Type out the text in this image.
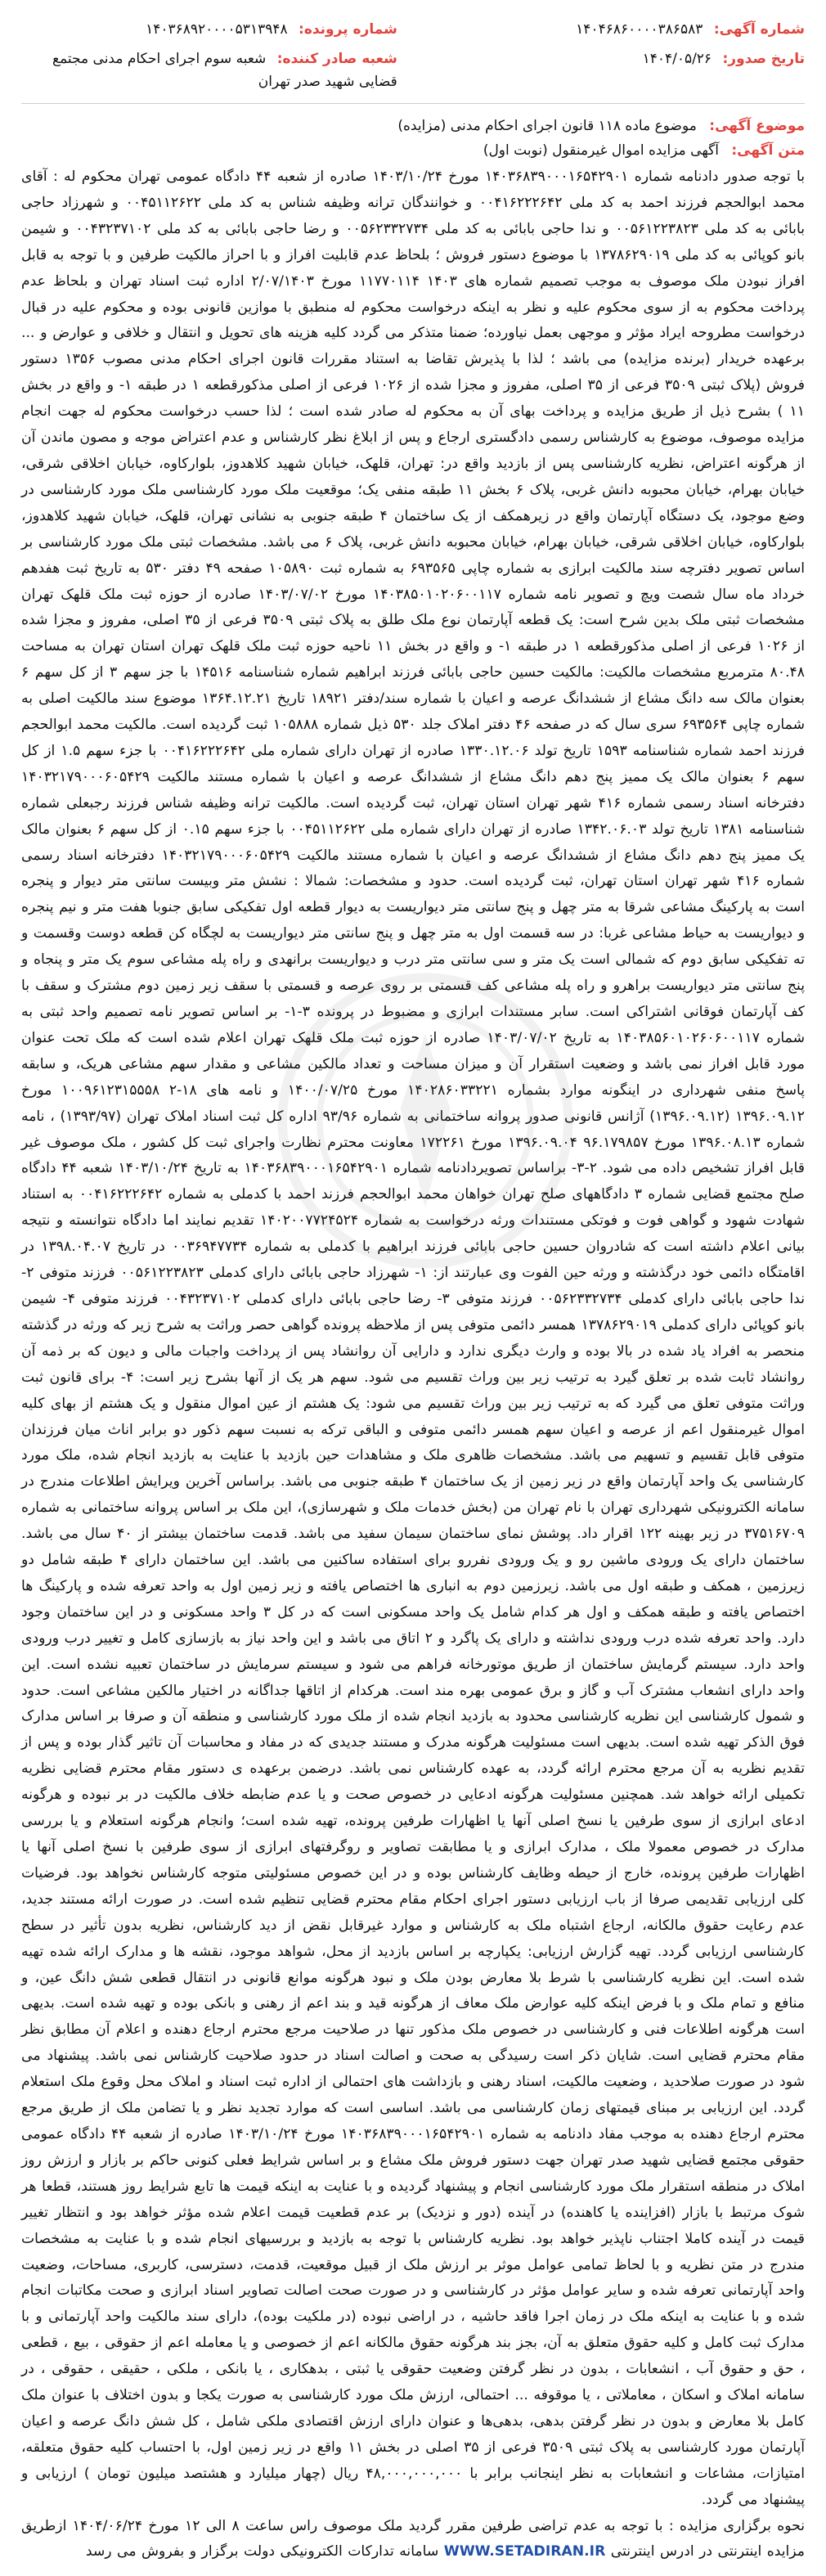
شماره آگهی: ۱۴۰۴۶۸۶۰۰۰۰۳۸۶۵۸۳
شماره پرونده: ۱۴۰۳۶۸۹۲۰۰۰۰۵۳۱۳۹۴۸
تاریخ صدور: ۱۴۰۴/۰۵/۲۶
شعبه صادر کننده: شعبه سوم اجرای احکام مدنی مجتمع قضایی شهید صدر تهران
موضوع آگهی: موضوع ماده ۱۱۸ قانون اجرای احکام مدنی (مزایده)
متن آگهی: آگهی مزایده اموال غیرمنقول (نوبت اول)

با توجه صدور دادنامه شماره ۱۴۰۳۶۸۳۹۰۰۰۱۶۵۴۲۹۰۱ مورخ ۱۴۰۳/۱۰/۲۴ صادره از شعبه ۴۴ دادگاه عمومی تهران محکوم له : آقای محمد ابوالحجم فرزند احمد به کد ملی ۰۰۴۱۶۲۲۲۶۴۲ و خوانندگان ترانه وظیفه شناس به کد ملی ۰۰۴۵۱۱۲۶۲۲ و شهرزاد حاجی بابائی به کد ملی ۰۰۵۶۱۲۲۳۸۲۳ و ندا حاجی بابائی به کد ملی ۰۰۵۶۲۳۳۲۷۳۴ و رضا حاجی بابائی به کد ملی ۰۰۴۳۲۳۷۱۰۲ و شیمن بانو کوپائی به کد ملی ۱۳۷۸۶۲۹۰۱۹ با موضوع دستور فروش ؛ بلحاظ عدم قابلیت افراز و با احراز مالکیت طرفین و با توجه به قابل افراز نبودن ملک موصوف به موجب تصمیم شماره های ۱۴۰۳ ۱۱۷۷۰۱۱۴ مورخ ۲/۰۷/۱۴۰۳ اداره ثبت اسناد تهران و بلحاظ عدم پرداخت محکوم به از سوی محکوم علیه و نظر به اینکه درخواست محکوم له منطبق با موازین قانونی بوده و محکوم علیه در قبال درخواست مطروحه ایراد مؤثر و موجهی بعمل نیاورده؛ ضمنا متذکر می گردد کلیه هزینه های تحویل و انتقال و خلافی و عوارض و ... برعهده خریدار (برنده مزایده) می باشد ؛ لذا با پذیرش تقاضا به استناد مقررات قانون اجرای احکام مدنی مصوب ۱۳۵۶ دستور فروش (پلاک ثبتی ۳۵۰۹ فرعی از ۳۵ اصلی، مفروز و مجزا شده از ۱۰۲۶ فرعی از اصلی مذکورقطعه ۱ در طبقه ۱- و واقع در بخش ۱۱ ) بشرح ذیل از طریق مزایده و پرداخت بهای آن به محکوم له صادر شده است ؛ لذا حسب درخواست محکوم له جهت انجام مزایده موصوف، موضوع به کارشناس رسمی دادگستری ارجاع و پس از ابلاغ نظر کارشناس و عدم اعتراض موجه و مصون ماندن آن از هرگونه اعتراض، نظریه کارشناسی پس از بازدید واقع در: تهران، قلهک، خیابان شهید کلاهدوز، بلوارکاوه، خیابان اخلاقی شرقی، خیابان بهرام، خیابان محبوبه دانش غربی، پلاک ۶ بخش ۱۱ طبقه منفی یک؛ موقعیت ملک مورد کارشناسی ملک مورد کارشناسی در وضع موجود، یک دستگاه آپارتمان واقع در زیرهمکف از یک ساختمان ۴ طبقه جنوبی به نشانی تهران، قلهک، خیابان شهید کلاهدوز، بلوارکاوه، خیابان اخلاقی شرقی، خیابان بهرام، خیابان محبوبه دانش غربی، پلاک ۶ می باشد. مشخصات ثبتی ملک مورد کارشناسی بر اساس تصویر دفترچه سند مالکیت ابرازی به شماره چاپی ۶۹۳۵۶۵ به شماره ثبت ۱۰۵۸۹۰ صفحه ۴۹ دفتر ۵۳۰ به تاریخ ثبت هفدهم خرداد ماه سال شصت ویچ و تصویر نامه شماره ۱۴۰۳۸۵۰۱۰۲۰۶۰۰۱۱۷ مورخ ۱۴۰۳/۰۷/۰۲ صادره از حوزه ثبت ملک قلهک تهران مشخصات ثبتی ملک بدین شرح است: یک قطعه آپارتمان نوع ملک طلق به پلاک ثبتی ۳۵۰۹ فرعی از ۳۵ اصلی، مفروز و مجزا شده از ۱۰۲۶ فرعی از اصلی مذکورقطعه ۱ در طبقه ۱- و واقع در بخش ۱۱ ناحیه حوزه ثبت ملک قلهک تهران استان تهران به مساحت ۸۰.۴۸ مترمربع مشخصات مالکیت: مالکیت حسین حاجی بابائی فرزند ابراهیم شماره شناسنامه ۱۴۵۱۶ با جز سهم ۳ از کل سهم ۶ بعنوان مالک سه دانگ مشاع از ششدانگ عرصه و اعیان با شماره سند/دفتر ۱۸۹۲۱ تاریخ ۱۳۶۴.۱۲.۲۱ موضوع سند مالکیت اصلی به شماره چاپی ۶۹۳۵۶۴ سری سال که در صفحه ۴۶ دفتر املاک جلد ۵۳۰ ذیل شماره ۱۰۵۸۸۸ ثبت گردیده است. مالکیت محمد ابوالحجم فرزند احمد شماره شناسنامه ۱۵۹۳ تاریخ تولد ۱۳۳۰.۱۲.۰۶ صادره از تهران دارای شماره ملی ۰۰۴۱۶۲۲۲۶۴۲ با جزء سهم ۱.۵ از کل سهم ۶ بعنوان مالک یک ممیز پنج دهم دانگ مشاع از ششدانگ عرصه و اعیان با شماره مستند مالکیت ۱۴۰۳۲۱۷۹۰۰۰۶۰۵۴۲۹ دفترخانه اسناد رسمی شماره ۴۱۶ شهر تهران استان تهران، ثبت گردیده است. مالکیت ترانه وظیفه شناس فرزند رجبعلی شماره شناسنامه ۱۳۸۱ تاریخ تولد ۱۳۴۲.۰۶.۰۳ صادره از تهران دارای شماره ملی ۰۰۴۵۱۱۲۶۲۲ با جزء سهم ۰.۱۵ از کل سهم ۶ بعنوان مالک یک ممیز پنج دهم دانگ مشاع از ششدانگ عرصه و اعیان با شماره مستند مالکیت ۱۴۰۳۲۱۷۹۰۰۰۶۰۵۴۲۹ دفترخانه اسناد رسمی شماره ۴۱۶ شهر تهران استان تهران، ثبت گردیده است. حدود و مشخصات: شمالا : نشش متر وبیست سانتی متر دیوار و پنجره است به پارکینگ مشاعی شرقا به متر چهل و پنج سانتی متر دیواریست به دیوار قطعه اول تفکیکی سابق جنوبا هفت متر و نیم پنجره و دیواریست به حیاط مشاعی غربا: در سه قسمت اول به متر چهل و پنج سانتی متر دیواریست به لچگاه کن قطعه دوست وقسمت و ته تفکیکی سابق دوم که شمالی است یک متر و سی سانتی متر درب و دیواریست برانهدی و راه پله مشاعی سوم یک متر و پنجاه و پنج سانتی متر دیواریست براهرو و راه پله مشاعی کف قسمتی بر روی عرصه و قسمتی با سقف زیر زمین دوم مشترک و سقف با کف آپارتمان فوقانی اشتراکی است. سابر مستندات ابرازی و مضبوط در پرونده ۳-۱- بر اساس تصویر نامه تصمیم واحد ثبتی به شماره ۱۴۰۳۸۵۶۰۱۰۲۶۰۶۰۰۱۱۷ به تاریخ ۱۴۰۳/۰۷/۰۲ صادره از حوزه ثبت ملک قلهک تهران اعلام شده است که ملک تحت عنوان مورد قابل افراز نمی باشد و وضعیت استقرار آن و میزان مساحت و تعداد مالکین مشاعی و مقدار سهم مشاعی هریک، و سابقه پاسخ منفی شهرداری در اینگونه موارد بشماره ۱۴۰۲۸۶۰۳۳۲۲۱ مورخ ۱۴۰۰/۰۷/۲۵ و نامه های ۱۸-۲ ۱۰۰۹۶۱۲۳۱۵۵۵۸ مورخ ۱۳۹۶.۰۹.۱۲ (۱۳۹۶.۰۹.۱۲) آژانس قانونی صدور پروانه ساختمانی به شماره ۹۳/۹۶ اداره کل ثبت اسناد املاک تهران (۱۳۹۳/۹۷) ، نامه شماره ۱۳۹۶.۰۸.۱۳ مورخ ۹۶.۱۷۹۸۵۷ ۱۳۹۶.۰۹.۰۴ مورخ ۱۷۲۲۶۱ معاونت محترم نظارت واجرای ثبت کل کشور ، ملک موصوف غیر قابل افراز تشخیص داده می شود. ۲-۳- براساس تصویردادنامه شماره ۱۴۰۳۶۸۳۹۰۰۰۱۶۵۴۲۹۰۱ به تاریخ ۱۴۰۳/۱۰/۲۴ شعبه ۴۴ دادگاه صلح مجتمع قضایی شماره ۳ دادگاههای صلح تهران خواهان محمد ابوالحجم فرزند احمد با کدملی به شماره ۰۰۴۱۶۲۲۲۶۴۲ به استناد شهادت شهود و گواهی فوت و فوتکی مستندات ورثه درخواست به شماره ۱۴۰۲۰۰۷۷۲۴۵۲۴ تقدیم نمایند اما دادگاه نتوانسته و نتیجه بیانی اعلام داشته است که شادروان حسین حاجی بابائی فرزند ابراهیم با کدملی به شماره ۰۰۳۶۹۴۷۷۳۴ در تاریخ ۱۳۹۸.۰۴.۰۷ در اقامتگاه دائمی خود درگذشته و ورثه حین الفوت وی عبارتند از: ۱- شهرزاد حاجی بابائی دارای کدملی ۰۰۵۶۱۲۲۳۸۲۳ فرزند متوفی ۲- ندا حاجی بابائی دارای کدملی ۰۰۵۶۲۳۳۲۷۳۴ فرزند متوفی ۳- رضا حاجی بابائی دارای کدملی ۰۰۴۳۲۳۷۱۰۲ فرزند متوفی ۴- شیمن بانو کوپائی دارای کدملی ۱۳۷۸۶۲۹۰۱۹ همسر دائمی متوفی پس از ملاحظه پرونده گواهی حصر وراثت به شرح زیر که ورثه در گذشته منحصر به افراد یاد شده در بالا بوده و وارث دیگری ندارد و دارایی آن روانشاد پس از پرداخت واجبات مالی و دیون که بر ذمه آن روانشاد ثابت شده بر تعلق گیرد به ترتیب زیر بین وراث تقسیم می شود. سهم هر یک از آنها بشرح زیر است: ۴- برای قانون ثبت وراثت متوفی تعلق می گیرد که به ترتیب زیر بین وراث تقسیم می شود: یک هشتم از عین اموال منقول و یک هشتم از بهای کلیه اموال غیرمنقول اعم از عرصه و اعیان سهم همسر دائمی متوفی و الباقی ترکه به نسبت سهم ذکور دو برابر اناث میان فرزندان متوفی قابل تقسیم و تسهیم می باشد. مشخصات ظاهری ملک و مشاهدات حین بازدید با عنایت به بازدید انجام شده، ملک مورد کارشناسی یک واحد آپارتمان واقع در زیر زمین از یک ساختمان ۴ طبقه جنوبی می باشد. براساس آخرین ویرایش اطلاعات مندرج در سامانه الکترونیکی شهرداری تهران با نام تهران من (بخش خدمات ملک و شهرسازی)، این ملک بر اساس پروانه ساختمانی به شماره ۳۷۵۱۶۷۰۹ در زیر بهینه ۱۲۲ اقرار داد. پوشش نمای ساختمان سیمان سفید می باشد. قدمت ساختمان بیشتر از ۴۰ سال می باشد. ساختمان دارای یک ورودی ماشین رو و یک ورودی نفررو برای استفاده ساکنین می باشد. این ساختمان دارای ۴ طبقه شامل دو زیرزمین ، همکف و طبقه اول می باشد. زیرزمین دوم به انباری ها اختصاص یافته و زیر زمین اول به واحد تعرفه شده و پارکینگ ها اختصاص یافته و طبقه همکف و اول هر کدام شامل یک واحد مسکونی است که در کل ۳ واحد مسکونی و در این ساختمان وجود دارد. واحد تعرفه شده درب ورودی نداشته و دارای یک پاگرد و ۲ اتاق می باشد و این واحد نیاز به بازسازی کامل و تغییر درب ورودی واحد دارد. سیستم گرمایش ساختمان از طریق موتورخانه فراهم می شود و سیستم سرمایش در ساختمان تعبیه نشده است. این واحد دارای انشعاب مشترک آب و گاز و برق عمومی بهره مند است. هرکدام از اتاقها جداگانه در اختیار مالکین مشاعی است. حدود و شمول کارشناسی این نظریه کارشناسی محدود به بازدید انجام شده از ملک مورد کارشناسی و منطقه آن و صرفا بر اساس مدارک فوق الذکر تهیه شده است. بدیهی است مسئولیت هرگونه مدرک و مستند جدیدی که در مفاد و محاسبات آن تاثیر گذار بوده و پس از تقدیم نظریه به آن مرجع محترم ارائه گردد، به عهده کارشناس نمی باشد. درضمن برعهده ی دستور مقام محترم قضایی نظریه تکمیلی ارائه خواهد شد. همچنین مسئولیت هرگونه ادعایی در خصوص صحت و یا عدم ضابطه خلاف مالکیت در بر نبوده و هرگونه ادعای ابرازی از سوی طرفین یا نسخ اصلی آنها یا اظهارات طرفین پرونده، تهیه شده است؛ وانجام هرگونه استعلام و یا بررسی مدارک در خصوص معمولا ملک ، مدارک ابرازی و یا مطابقت تصاویر و روگرفتهای ابرازی از سوی طرفین با نسخ اصلی آنها یا اظهارات طرفین پرونده، خارج از حیطه وظایف کارشناس بوده و در این خصوص مسئولیتی متوجه کارشناس نخواهد بود. فرضیات کلی ارزیابی تقدیمی صرفا از باب ارزیابی دستور اجرای احکام مقام محترم قضایی تنظیم شده است. در صورت ارائه مستند جدید، عدم رعایت حقوق مالکانه، ارجاع اشتباه ملک به کارشناس و موارد غیرقابل نقض از دید کارشناس، نظریه بدون تأثیر در سطح کارشناسی ارزیابی گردد. تهیه گزارش ارزیابی: یکپارچه بر اساس بازدید از محل، شواهد موجود، نقشه ها و مدارک ارائه شده تهیه شده است. این نظریه کارشناسی با شرط بلا معارض بودن ملک و نبود هرگونه موانع قانونی در انتقال قطعی شش دانگ عین، و منافع و تمام ملک و با فرض اینکه کلیه عوارض ملک معاف از هرگونه قید و بند اعم از رهنی و بانکی بوده و تهیه شده است. بدیهی است هرگونه اطلاعات فنی و کارشناسی در خصوص ملک مذکور تنها در صلاحیت مرجع محترم ارجاع دهنده و اعلام آن مطابق نظر مقام محترم قضایی است. شایان ذکر است رسیدگی به صحت و اصالت اسناد در حدود صلاحیت کارشناس نمی باشد. پیشنهاد می شود در صورت صلاحدید ، وضعیت مالکیت، اسناد رهنی و بازداشت های احتمالی از اداره ثبت اسناد و املاک محل وقوع ملک استعلام گردد. این ارزیابی بر مبنای قیمتهای زمان کارشناسی می باشد. اساسی است که موارد تجدید نظر و یا تضامن ملک از طریق مرجع محترم ارجاع دهنده به موجب مفاد دادنامه به شماره ۱۴۰۳۶۸۳۹۰۰۰۱۶۵۴۲۹۰۱ مورخ ۱۴۰۳/۱۰/۲۴ صادره از شعبه ۴۴ دادگاه عمومی حقوقی مجتمع قضایی شهید صدر تهران جهت دستور فروش ملک مشاع و بر اساس شرایط فعلی کنونی حاکم بر بازار و ارزش روز املاک در منطقه استقرار ملک مورد کارشناسی انجام و پیشنهاد گردیده و با عنایت به اینکه قیمت ها تابع شرایط روز هستند، قطعا هر شوک مرتبط با بازار (افزاینده یا کاهنده) در آینده (دور و نزدیک) بر عدم قطعیت قیمت اعلام شده مؤثر خواهد بود و انتظار تغییر قیمت در آینده کاملا اجتناب ناپذیر خواهد بود. نظریه کارشناس با توجه به بازدید و بررسیهای انجام شده و با عنایت به مشخصات مندرج در متن نظریه و با لحاظ تمامی عوامل موثر بر ارزش ملک از قبیل موقعیت، قدمت، دسترسی، کاربری، مساحات، وضعیت واحد آپارتمانی تعرفه شده و سایر عوامل مؤثر در کارشناسی و در صورت صحت اصالت تصاویر اسناد ابرازی و صحت مکاتبات انجام شده و با عنایت به اینکه ملک در زمان اجرا فاقد حاشیه ، در اراضی نبوده (در ملکیت بوده)، دارای سند مالکیت واحد آپارتمانی و با مدارک ثبت کامل و کلیه حقوق متعلق به آن، بجز بند هرگونه حقوق مالکانه اعم از خصوصی و یا معامله اعم از حقوقی ، بیع ، قطعی ، حق و حقوق آب ، انشعابات ، بدون در نظر گرفتن وضعیت حقوقی یا ثبتی ، بدهکاری ، یا بانکی ، ملکی ، حقیقی ، حقوقی ، در سامانه املاک و اسکان ، معاملاتی ، یا موقوفه ... احتمالی، ارزش ملک مورد کارشناسی به صورت یکجا و بدون اختلاف با عنوان ملک کامل بلا معارض و بدون در نظر گرفتن بدهی، بدهی‌ها و عنوان دارای ارزش اقتصادی ملکی شامل ، کل شش دانگ عرصه و اعیان آپارتمان مورد کارشناسی به پلاک ثبتی ۳۵۰۹ فرعی از ۳۵ اصلی در بخش ۱۱ واقع در زیر زمین اول، با احتساب کلیه حقوق متعلقه، امتیازات، مشاعات و انشعابات به نظر اینجانب برابر با ۴۸,۰۰۰,۰۰۰,۰۰۰ ریال (چهار میلیارد و هشتصد میلیون تومان ) ارزیابی و پیشنهاد می گردد.

نحوه برگزاری مزایده : با توجه به عدم تراضی طرفین مقرر گردید ملک موصوف راس ساعت ۸ الی ۱۲ مورخ ۱۴۰۴/۰۶/۲۴ ازطریق مزایده اینترنتی در ادرس اینترنتی WWW.SETADIRAN.IR سامانه تدارکات الکترونیکی دولت برگزار و بفروش می رسد
